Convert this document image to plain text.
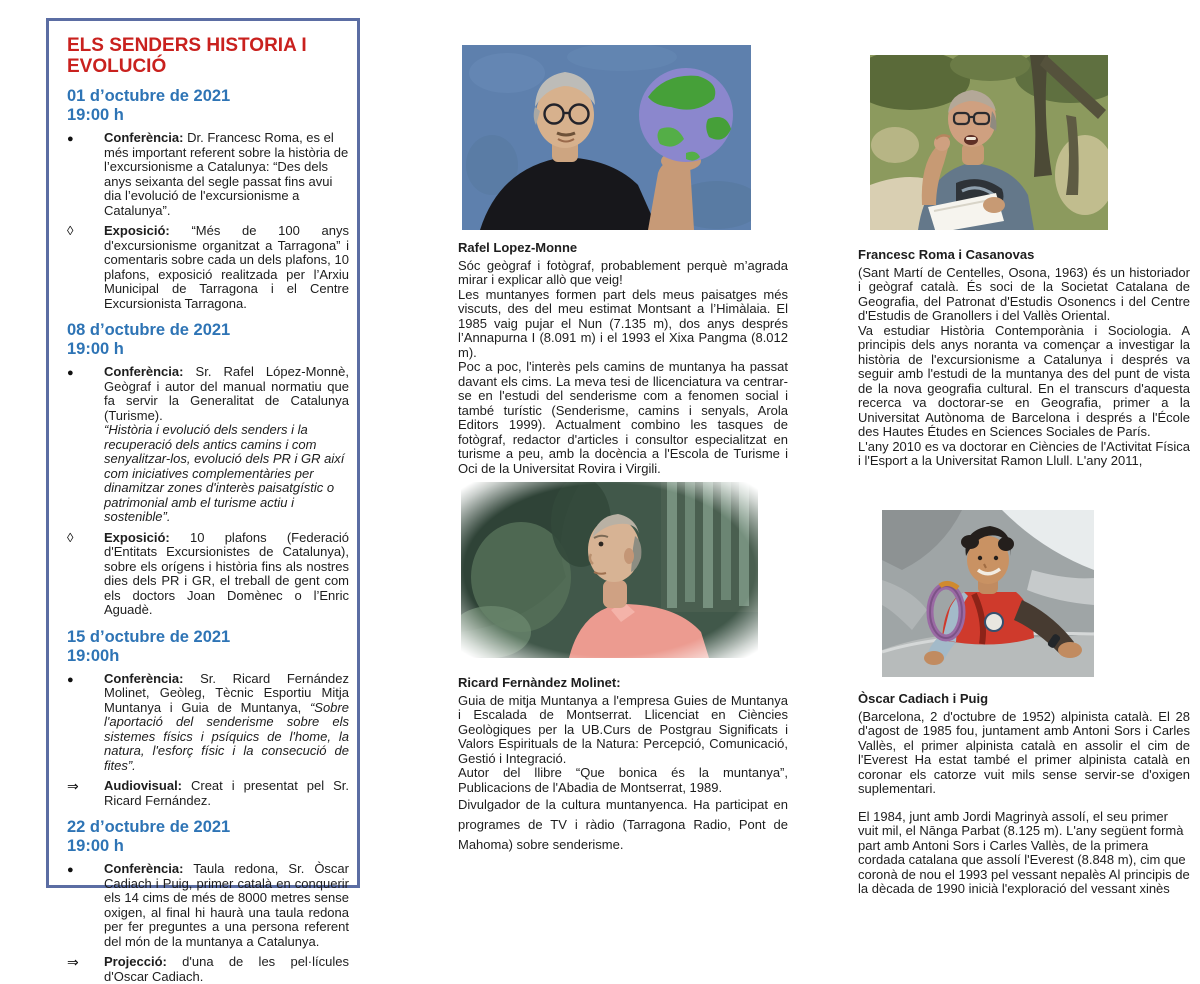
ELS SENDERS HISTORIA I EVOLUCIÓ
01 d’octubre de 2021
19:00 h
●	Conferència: Dr. Francesc Roma, es el més important referent sobre la història de l’excursionisme a Catalunya: “Des dels anys seixanta del segle passat fins avui dia l’evolució de l'excursionisme a Catalunya”.
◊	Exposició: “Més de 100 anys d'excursionisme organitzat a Tarragona” i comentaris sobre cada un dels plafons, 10 plafons, exposició realitzada per l’Arxiu Municipal de Tarragona i el Centre Excursionista Tarragona.
08 d’octubre de 2021
19:00 h
●	Conferència: Sr. Rafel López-Monnè, Geògraf i autor del manual normatiu que fa servir la Generalitat de Catalunya (Turisme).
“Història i evolució dels senders i la recuperació dels antics camins i com senyalitzar-los, evolució dels PR i GR així com iniciatives complementàries per dinamitzar zones d'interès paisatgístic o patrimonial amb el turisme actiu i sostenible”.
◊	Exposició: 10 plafons (Federació d'Entitats Excursionistes de Catalunya), sobre els orígens i història fins als nostres dies dels PR i GR, el treball de gent com els doctors Joan Domènec o l’Enric Aguadè.
15 d’octubre de 2021
19:00h
●	Conferència: Sr. Ricard Fernández Molinet, Geòleg, Tècnic Esportiu Mitja Muntanya i Guia de Muntanya, “Sobre l'aportació del senderisme sobre els sistemes físics i psíquics de l'home, la natura, l'esforç físic i la consecució de fites”.
⇒	Audiovisual: Creat i presentat pel Sr. Ricard Fernández.
22 d’octubre de 2021
19:00 h
●	Conferència: Taula redona, Sr. Òscar Cadiach i Puig, primer català en conquerir els 14 cims de més de 8000 metres sense oxigen, al final hi haurà una taula redona per fer preguntes a una persona referent del món de la muntanya a Catalunya.
⇒	Projecció: d'una de les pel·lícules d'Oscar Cadiach.
Rafel Lopez-Monne

Sóc geògraf i fotògraf, probablement perquè m’agrada mirar i explicar allò que veig!

Les muntanyes formen part dels meus paisatges més viscuts, des del meu estimat Montsant a l’Himàlaia. El 1985 vaig pujar el Nun (7.135 m), dos anys després l’Annapurna I (8.091 m) i el 1993 el Xixa Pangma (8.012 m).

Poc a poc, l'interès pels camins de muntanya ha passat davant els cims. La meva tesi de llicenciatura va centrar-se en l'estudi del senderisme com a fenomen social i també turístic (Senderisme, camins i senyals, Arola Editors 1999). Actualment combino les tasques de fotògraf, redactor d'articles i consultor especialitzat en turisme a peu, amb la docència a l'Escola de Turisme i Oci de la Universitat Rovira i Virgili.

Ricard Fernàndez Molinet:

Guia de mitja Muntanya a l'empresa Guies de Muntanya i Escalada de Montserrat. Llicenciat en Ciències Geològiques per la UB.Curs de Postgrau Significats i Valors Espirituals de la Natura: Percepció, Comunicació, Gestió i Integració.

Autor del llibre “Que bonica és la muntanya”, Publicacions de l'Abadia de Montserrat, 1989.

Divulgador de la cultura muntanyenca. Ha participat en programes de TV i ràdio (Tarragona Radio, Pont de Mahoma) sobre senderisme.

Francesc Roma i Casanovas

(Sant Martí de Centelles, Osona, 1963) és un historiador i geògraf català. És soci de la Societat Catalana de Geografia, del Patronat d'Estudis Osonencs i del Centre d'Estudis de Granollers i del Vallès Oriental.

Va estudiar Història Contemporània i Sociologia. A principis dels anys noranta va començar a investigar la història de l'excursionisme a Catalunya i després va seguir amb l'estudi de la muntanya des del punt de vista de la nova geografia cultural. En el transcurs d'aquesta recerca va doctorar-se en Geografia, primer a la Universitat Autònoma de Barcelona i després a l'École des Hautes Études en Sciences Sociales de París.

L'any 2010 es va doctorar en Ciències de l'Activitat Física i l'Esport a la Universitat Ramon Llull. L'any 2011,

Òscar Cadiach i Puig

(Barcelona, 2 d'octubre de 1952) alpinista català. El 28 d'agost de 1985 fou, juntament amb Antoni Sors i Carles Vallès, el primer alpinista català en assolir el cim de l'Everest Ha estat també el primer alpinista català en coronar els catorze vuit mils sense servir-se d'oxigen suplementari.

El 1984, junt amb Jordi Magrinyà assolí, el seu primer vuit mil, el Nānga Parbat (8.125 m). L'any següent formà part amb Antoni Sors i Carles Vallès, de la primera cordada catalana que assolí l'Everest (8.848 m), cim que coronà de nou el 1993 pel vessant nepalès Al principis de la dècada de 1990 inicià l'exploració del vessant xinès
